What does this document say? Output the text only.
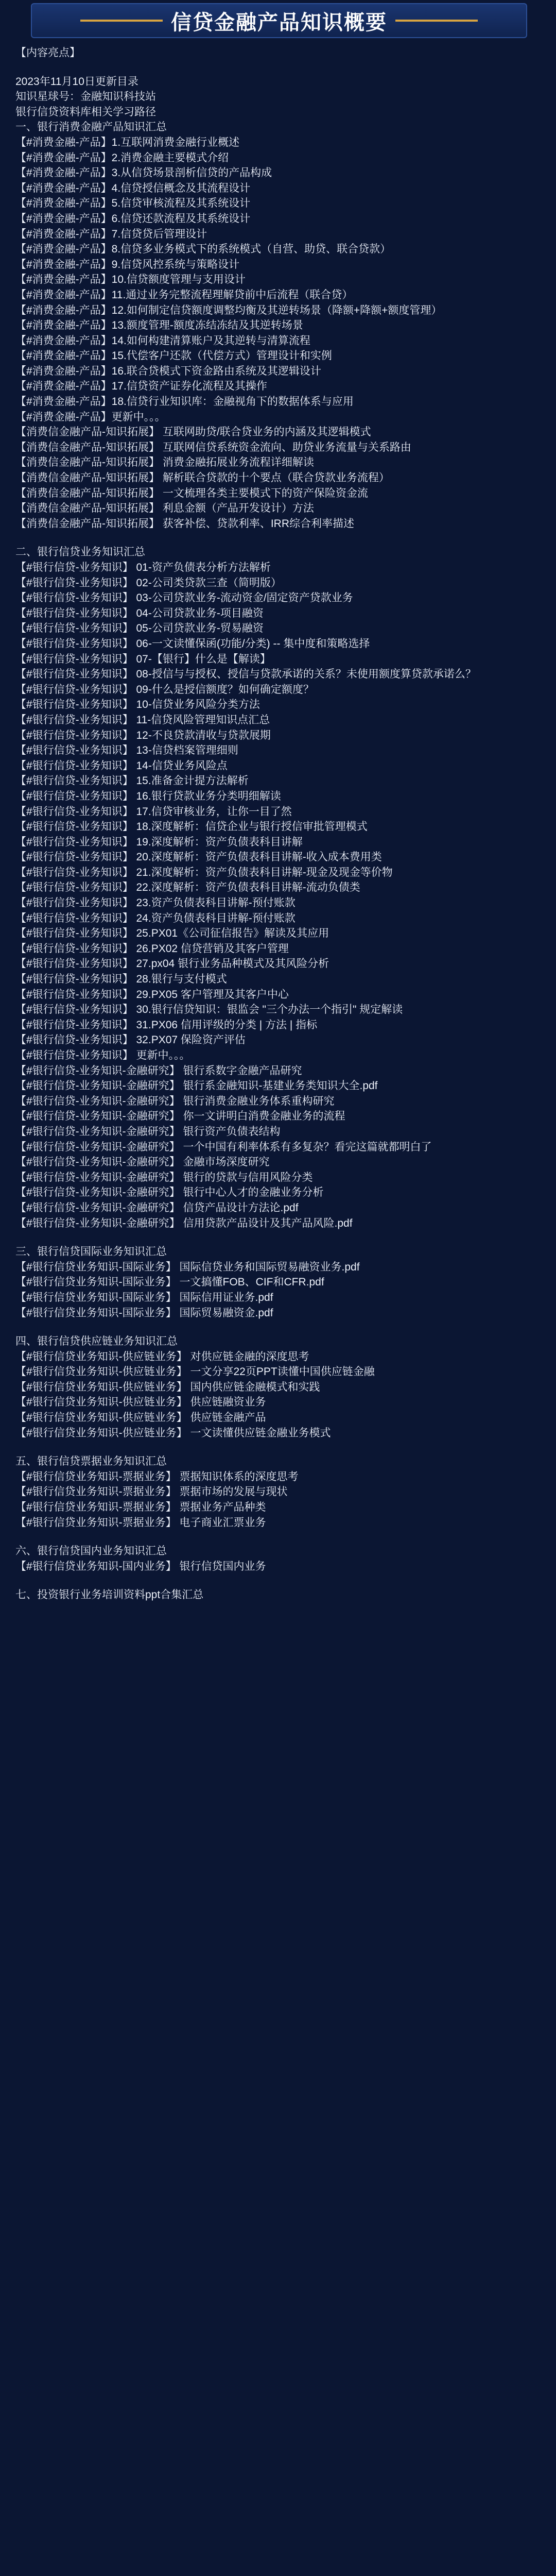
信贷金融产品知识概要
【内容亮点】
2023年11月10日更新目录
知识星球号：金融知识科技站
银行信贷资料库相关学习路径
一、银行消费金融产品知识汇总
【#消费金融-产品】1.互联网消费金融行业概述
【#消费金融-产品】2.消费金融主要模式介绍
【#消费金融-产品】3.从信贷场景剖析信贷的产品构成
【#消费金融-产品】4.信贷授信概念及其流程设计
【#消费金融-产品】5.信贷审核流程及其系统设计
【#消费金融-产品】6.信贷还款流程及其系统设计
【#消费金融-产品】7.信贷贷后管理设计
【#消费金融-产品】8.信贷多业务模式下的系统模式（自营、助贷、联合贷款）
【#消费金融-产品】9.信贷风控系统与策略设计
【#消费金融-产品】10.信贷额度管理与支用设计
【#消费金融-产品】11.通过业务完整流程理解贷前中后流程（联合贷）
【#消费金融-产品】12.如何制定信贷额度调整均衡及其逆转场景（降额+降额+额度管理）
【#消费金融-产品】13.额度管理-额度冻结冻结及其逆转场景
【#消费金融-产品】14.如何构建清算账户及其逆转与清算流程
【#消费金融-产品】15.代偿客户还款（代偿方式）管理设计和实例
【#消费金融-产品】16.联合贷模式下资金路由系统及其逻辑设计
【#消费金融-产品】17.信贷资产证券化流程及其操作
【#消费金融-产品】18.信贷行业知识库：金融视角下的数据体系与应用
【#消费金融-产品】更新中。。。
【消费信金融产品-知识拓展】 互联网助贷/联合贷业务的内涵及其逻辑模式
【消费信金融产品-知识拓展】 互联网信贷系统资金流向、助贷业务流量与关系路由
【消费信金融产品-知识拓展】 消费金融拓展业务流程详细解读
【消费信金融产品-知识拓展】 解析联合贷款的十个要点（联合贷款业务流程）
【消费信金融产品-知识拓展】 一文梳理各类主要模式下的资产保险资金流
【消费信金融产品-知识拓展】 利息金额（产品开发设计）方法
【消费信金融产品-知识拓展】 获客补偿、贷款利率、IRR综合利率描述
二、银行信贷业务知识汇总
【#银行信贷-业务知识】 01-资产负债表分析方法解析
【#银行信贷-业务知识】 02-公司类贷款三查（简明版）
【#银行信贷-业务知识】 03-公司贷款业务-流动资金/固定资产贷款业务
【#银行信贷-业务知识】 04-公司贷款业务-项目融资
【#银行信贷-业务知识】 05-公司贷款业务-贸易融资
【#银行信贷-业务知识】 06-一文读懂保函(功能/分类) -- 集中度和策略选择
【#银行信贷-业务知识】 07-【银行】什么是【解读】
【#银行信贷-业务知识】 08-授信与与授权、授信与贷款承诺的关系？未使用额度算贷款承诺么？
【#银行信贷-业务知识】 09-什么是授信额度？如何确定额度？
【#银行信贷-业务知识】 10-信贷业务风险分类方法
【#银行信贷-业务知识】 11-信贷风险管理知识点汇总
【#银行信贷-业务知识】 12-不良贷款清收与贷款展期
【#银行信贷-业务知识】 13-信贷档案管理细则
【#银行信贷-业务知识】 14-信贷业务风险点
【#银行信贷-业务知识】 15.准备金计提方法解析
【#银行信贷-业务知识】 16.银行贷款业务分类明细解读
【#银行信贷-业务知识】 17.信贷审核业务，让你一目了然
【#银行信贷-业务知识】 18.深度解析：信贷企业与银行授信审批管理模式
【#银行信贷-业务知识】 19.深度解析：资产负债表科目讲解
【#银行信贷-业务知识】 20.深度解析：资产负债表科目讲解-收入成本费用类
【#银行信贷-业务知识】 21.深度解析：资产负债表科目讲解-现金及现金等价物
【#银行信贷-业务知识】 22.深度解析：资产负债表科目讲解-流动负债类
【#银行信贷-业务知识】 23.资产负债表科目讲解-预付账款
【#银行信贷-业务知识】 24.资产负债表科目讲解-预付账款
【#银行信贷-业务知识】 25.PX01《公司征信报告》解读及其应用
【#银行信贷-业务知识】 26.PX02 信贷营销及其客户管理
【#银行信贷-业务知识】 27.px04 银行业务品种模式及其风险分析
【#银行信贷-业务知识】 28.银行与支付模式
【#银行信贷-业务知识】 29.PX05 客户管理及其客户中心
【#银行信贷-业务知识】 30.银行信贷知识：银监会 "三个办法一个指引" 规定解读
【#银行信贷-业务知识】 31.PX06 信用评级的分类 | 方法 | 指标
【#银行信贷-业务知识】 32.PX07 保险资产评估
【#银行信贷-业务知识】 更新中。。。
【#银行信贷-业务知识-金融研究】 银行系数字金融产品研究
【#银行信贷-业务知识-金融研究】 银行系金融知识-基建业务类知识大全.pdf
【#银行信贷-业务知识-金融研究】 银行消费金融业务体系重构研究
【#银行信贷-业务知识-金融研究】 你一文讲明白消费金融业务的流程
【#银行信贷-业务知识-金融研究】 银行资产负债表结构
【#银行信贷-业务知识-金融研究】 一个中国有利率体系有多复杂？看完这篇就都明白了
【#银行信贷-业务知识-金融研究】 金融市场深度研究
【#银行信贷-业务知识-金融研究】 银行的贷款与信用风险分类
【#银行信贷-业务知识-金融研究】 银行中心人才的金融业务分析
【#银行信贷-业务知识-金融研究】 信贷产品设计方法论.pdf
【#银行信贷-业务知识-金融研究】 信用贷款产品设计及其产品风险.pdf
三、银行信贷国际业务知识汇总
【#银行信贷业务知识-国际业务】 国际信贷业务和国际贸易融资业务.pdf
【#银行信贷业务知识-国际业务】 一文搞懂FOB、CIF和CFR.pdf
【#银行信贷业务知识-国际业务】 国际信用证业务.pdf
【#银行信贷业务知识-国际业务】 国际贸易融资金.pdf
四、银行信贷供应链业务知识汇总
【#银行信贷业务知识-供应链业务】 对供应链金融的深度思考
【#银行信贷业务知识-供应链业务】 一文分享22页PPT读懂中国供应链金融
【#银行信贷业务知识-供应链业务】 国内供应链金融模式和实践
【#银行信贷业务知识-供应链业务】 供应链融资业务
【#银行信贷业务知识-供应链业务】 供应链金融产品
【#银行信贷业务知识-供应链业务】 一文读懂供应链金融业务模式
五、银行信贷票据业务知识汇总
【#银行信贷业务知识-票据业务】 票据知识体系的深度思考
【#银行信贷业务知识-票据业务】 票据市场的发展与现状
【#银行信贷业务知识-票据业务】 票据业务产品种类
【#银行信贷业务知识-票据业务】 电子商业汇票业务
六、银行信贷国内业务知识汇总
【#银行信贷业务知识-国内业务】 银行信贷国内业务
七、投资银行业务培训资料ppt合集汇总
